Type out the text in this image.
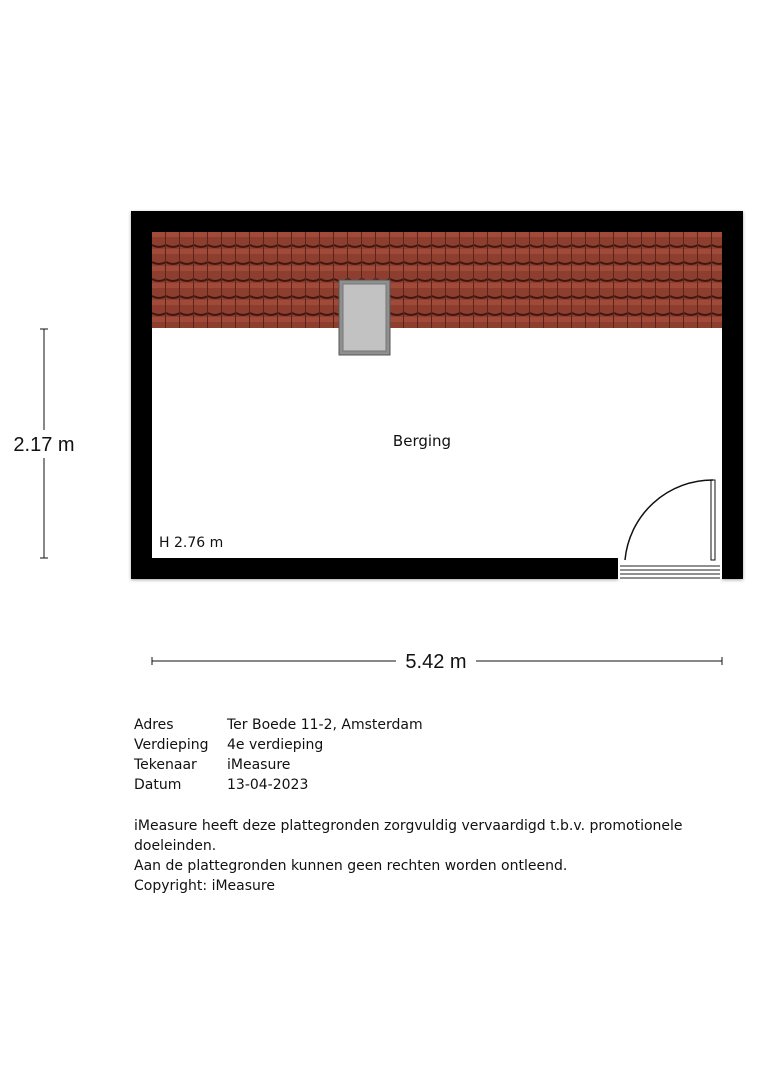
Berging
H 2.76 m
2.17 m
5.42 m
Adres	Ter Boede 11-2, Amsterdam
Verdieping	4e verdieping
Tekenaar	iMeasure
Datum	13-04-2023
iMeasure heeft deze plattegronden zorgvuldig vervaardigd t.b.v. promotionele doeleinden.
Aan de plattegronden kunnen geen rechten worden ontleend.
Copyright: iMeasure
